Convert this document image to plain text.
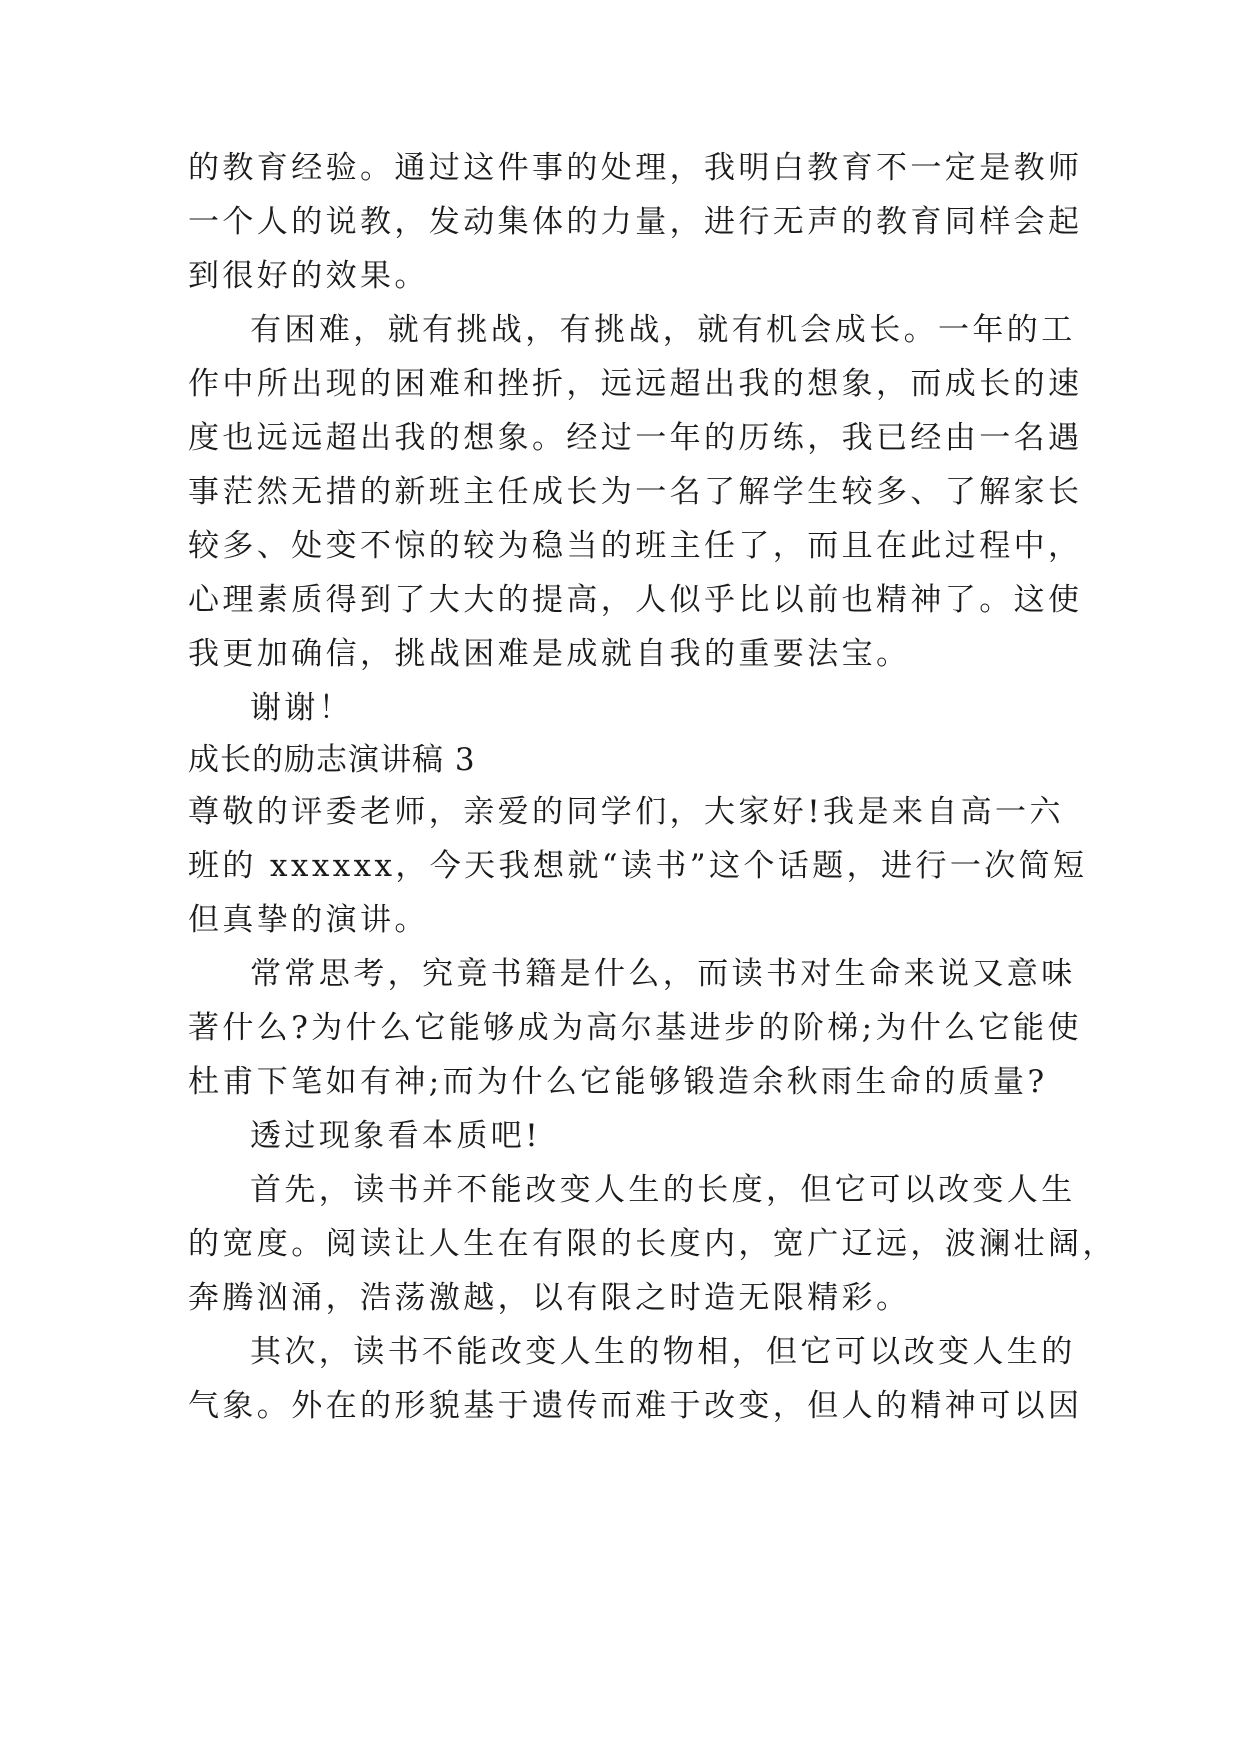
的教育经验。通过这件事的处理，我明白教育不一定是教师
一个人的说教，发动集体的力量，进行无声的教育同样会起
到很好的效果。
有困难，就有挑战，有挑战，就有机会成长。一年的工
作中所出现的困难和挫折，远远超出我的想象，而成长的速
度也远远超出我的想象。经过一年的历练，我已经由一名遇
事茫然无措的新班主任成长为一名了解学生较多、了解家长
较多、处变不惊的较为稳当的班主任了，而且在此过程中，
心理素质得到了大大的提高，人似乎比以前也精神了。这使
我更加确信，挑战困难是成就自我的重要法宝。
谢谢！
成长的励志演讲稿 3
尊敬的评委老师，亲爱的同学们，大家好!我是来自高一六
班的 xxxxxx，今天我想就“读书”这个话题，进行一次简短
但真挚的演讲。
常常思考，究竟书籍是什么，而读书对生命来说又意味
著什么?为什么它能够成为高尔基进步的阶梯;为什么它能使
杜甫下笔如有神;而为什么它能够锻造余秋雨生命的质量?
透过现象看本质吧!
首先，读书并不能改变人生的长度，但它可以改变人生
的宽度。阅读让人生在有限的长度内，宽广辽远，波澜壮阔，
奔腾汹涌，浩荡激越，以有限之时造无限精彩。
其次，读书不能改变人生的物相，但它可以改变人生的
气象。外在的形貌基于遗传而难于改变，但人的精神可以因
